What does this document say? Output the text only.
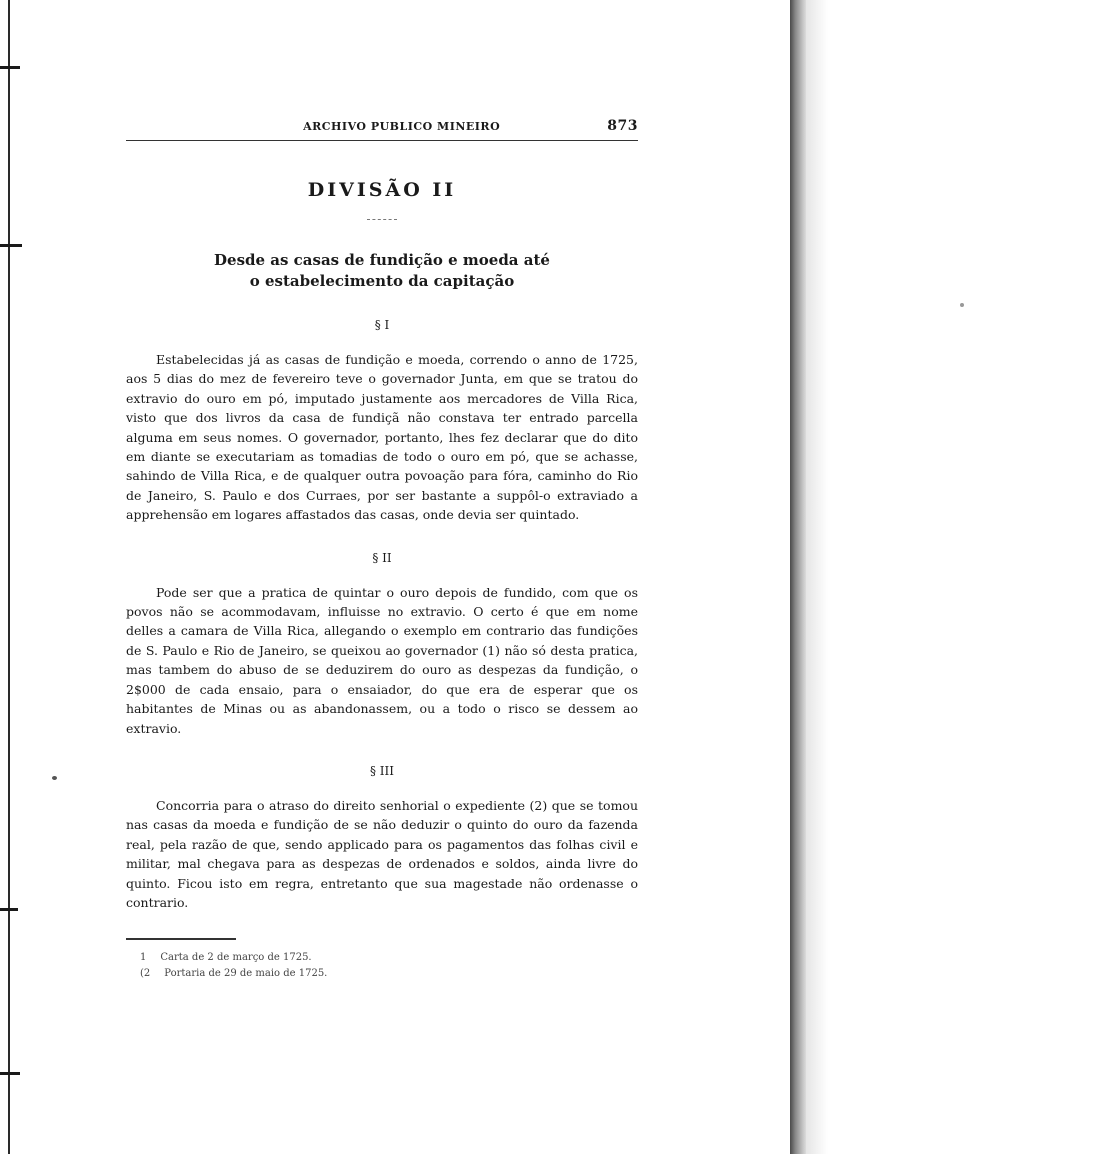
ARCHIVO PUBLICO MINEIRO	873
DIVISÃO II
Desde as casas de fundição e moeda até
o estabelecimento da capitação
§ I

Estabelecidas já as casas de fundição e moeda, correndo o anno de 1725, aos 5 dias do mez de fevereiro teve o governador Junta, em que se tratou do extravio do ouro em pó, imputado justamente aos mercadores de Villa Rica, visto que dos livros da casa de fundiçã não constava ter entrado parcella alguma em seus nomes. O governador, portanto, lhes fez declarar que do dito em diante se executariam as tomadias de todo o ouro em pó, que se achasse, sahindo de Villa Rica, e de qualquer outra povoação para fóra, caminho do Rio de Janeiro, S. Paulo e dos Curraes, por ser bastante a suppôl-o extraviado a apprehensão em logares affastados das casas, onde devia ser quintado.

§ II

Pode ser que a pratica de quintar o ouro depois de fundido, com que os povos não se acommodavam, influisse no extravio. O certo é que em nome delles a camara de Villa Rica, allegando o exemplo em contrario das fundições de S. Paulo e Rio de Janeiro, se queixou ao governador (1) não só desta pratica, mas tambem do abuso de se deduzirem do ouro as despezas da fundição, o 2$000 de cada ensaio, para o ensaiador, do que era de esperar que os habitantes de Minas ou as abandonassem, ou a todo o risco se dessem ao extravio.

§ III

Concorria para o atraso do direito senhorial o expediente (2) que se tomou nas casas da moeda e fundição de se não deduzir o quinto do ouro da fazenda real, pela razão de que, sendo applicado para os pagamentos das folhas civil e militar, mal chegava para as despezas de ordenados e soldos, ainda livre do quinto. Ficou isto em regra, entretanto que sua magestade não ordenasse o contrario.

1 Carta de 2 de março de 1725.
(2 Portaria de 29 de maio de 1725.
